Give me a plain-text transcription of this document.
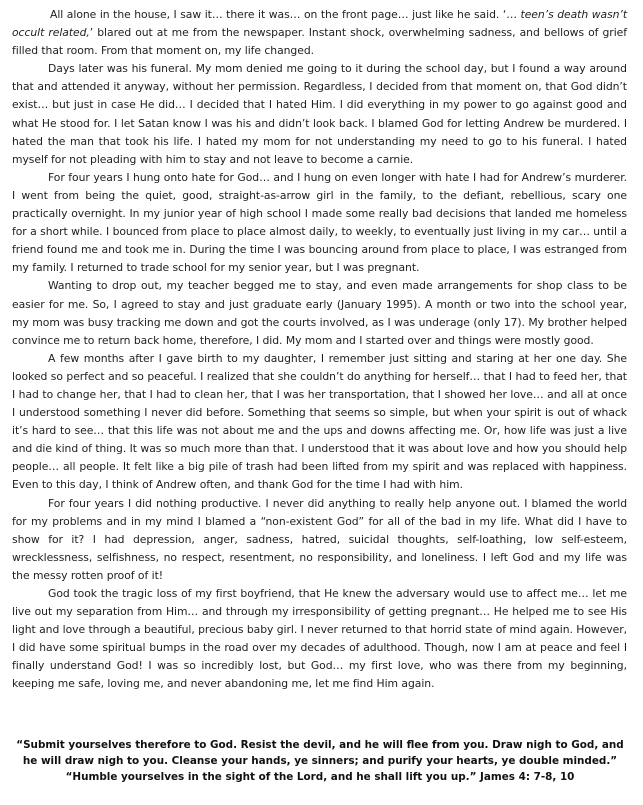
All alone in the house, I saw it… there it was… on the front page… just like he said. ‘… teen’s death wasn’t occult related,’ blared out at me from the newspaper. Instant shock, overwhelming sadness, and bellows of grief filled that room. From that moment on, my life changed.

Days later was his funeral. My mom denied me going to it during the school day, but I found a way around that and attended it anyway, without her permission. Regardless, I decided from that moment on, that God didn’t exist… but just in case He did… I decided that I hated Him. I did everything in my power to go against good and what He stood for. I let Satan know I was his and didn’t look back. I blamed God for letting Andrew be murdered. I hated the man that took his life. I hated my mom for not understanding my need to go to his funeral. I hated myself for not pleading with him to stay and not leave to become a carnie.

For four years I hung onto hate for God… and I hung on even longer with hate I had for Andrew’s murderer. I went from being the quiet, good, straight-as-arrow girl in the family, to the defiant, rebellious, scary one practically overnight. In my junior year of high school I made some really bad decisions that landed me homeless for a short while. I bounced from place to place almost daily, to weekly, to eventually just living in my car… until a friend found me and took me in. During the time I was bouncing around from place to place, I was estranged from my family. I returned to trade school for my senior year, but I was pregnant.

Wanting to drop out, my teacher begged me to stay, and even made arrangements for shop class to be easier for me. So, I agreed to stay and just graduate early (January 1995). A month or two into the school year, my mom was busy tracking me down and got the courts involved, as I was underage (only 17). My brother helped convince me to return back home, therefore, I did. My mom and I started over and things were mostly good.

A few months after I gave birth to my daughter, I remember just sitting and staring at her one day. She looked so perfect and so peaceful. I realized that she couldn’t do anything for herself… that I had to feed her, that I had to change her, that I had to clean her, that I was her transportation, that I showed her love… and all at once I understood something I never did before. Something that seems so simple, but when your spirit is out of whack it’s hard to see… that this life was not about me and the ups and downs affecting me. Or, how life was just a live and die kind of thing. It was so much more than that. I understood that it was about love and how you should help people… all people. It felt like a big pile of trash had been lifted from my spirit and was replaced with happiness. Even to this day, I think of Andrew often, and thank God for the time I had with him.

For four years I did nothing productive. I never did anything to really help anyone out. I blamed the world for my problems and in my mind I blamed a “non-existent God” for all of the bad in my life. What did I have to show for it? I had depression, anger, sadness, hatred, suicidal thoughts, self-loathing, low self-esteem, wrecklessness, selfishness, no respect, resentment, no responsibility, and loneliness. I left God and my life was the messy rotten proof of it!

God took the tragic loss of my first boyfriend, that He knew the adversary would use to affect me… let me live out my separation from Him… and through my irresponsibility of getting pregnant… He helped me to see His light and love through a beautiful, precious baby girl. I never returned to that horrid state of mind again. However, I did have some spiritual bumps in the road over my decades of adulthood. Though, now I am at peace and feel I finally understand God! I was so incredibly lost, but God… my first love, who was there from my beginning, keeping me safe, loving me, and never abandoning me, let me find Him again.

“Submit yourselves therefore to God. Resist the devil, and he will flee from you. Draw nigh to God, and
he will draw nigh to you. Cleanse your hands, ye sinners; and purify your hearts, ye double minded.”
“Humble yourselves in the sight of the Lord, and he shall lift you up.” James 4: 7-8, 10
